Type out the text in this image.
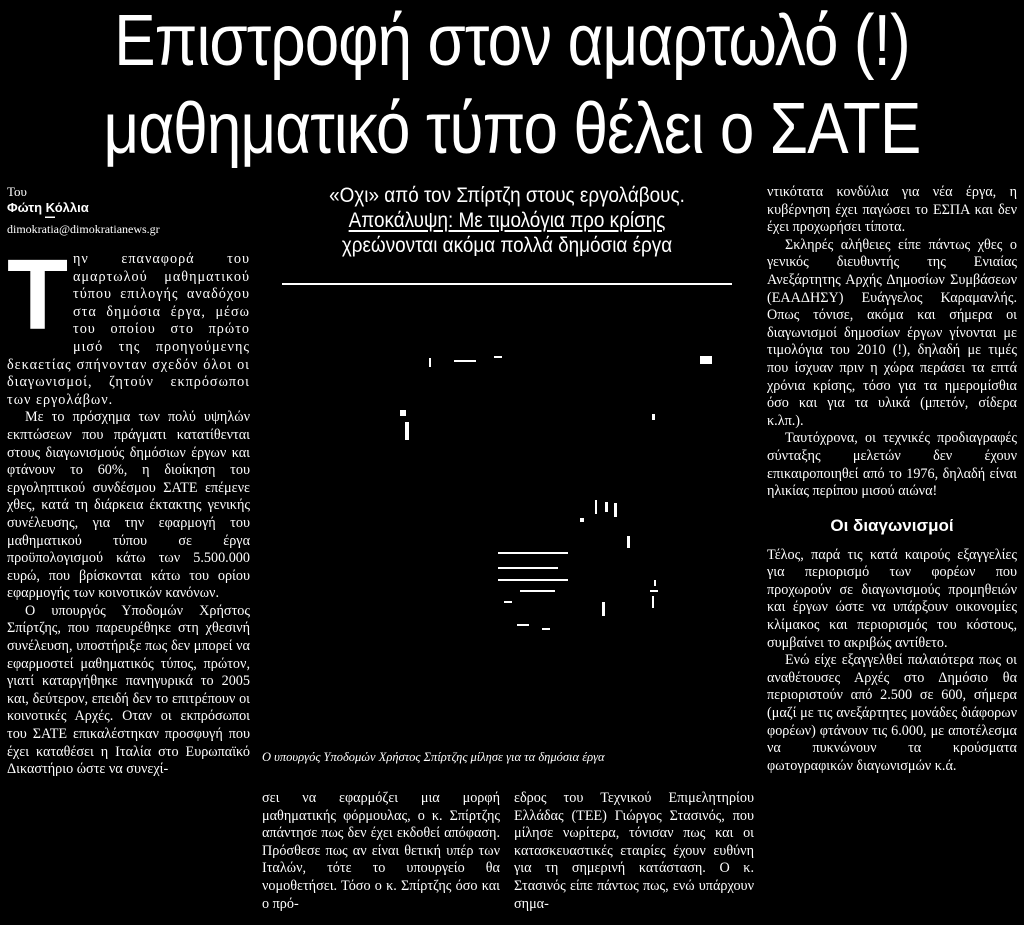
Επιστροφή στον αμαρτωλό (!)
μαθηματικό τύπο θέλει ο ΣΑΤΕ
Του
Φώτη Κόλλια
▬▬
dimokratia@dimokratianews.gr
Τ ην επαναφορά του αμαρτωλού μαθηματικού τύπου επιλογής αναδόχου στα δημόσια έργα, μέσω του οποίου στο πρώτο μισό της προηγούμενης δεκαετίας σπήνονταν σχεδόν όλοι οι διαγωνισμοί, ζητούν εκπρόσωποι των εργολάβων.

Με το πρόσχημα των πολύ υψηλών εκπτώσεων που πράγματι κατατίθενται στους διαγωνισμούς δημόσιων έργων και φτάνουν το 60%, η διοίκηση του εργοληπτικού συνδέσμου ΣΑΤΕ επέμενε χθες, κατά τη διάρκεια έκτακτης γενικής συνέλευσης, για την εφαρμογή του μαθηματικού τύπου σε έργα προϋπολογισμού κάτω των 5.500.000 ευρώ, που βρίσκονται κάτω του ορίου εφαρμογής των κοινοτικών κανόνων.

Ο υπουργός Υποδομών Χρήστος Σπίρτζης, που παρευρέθηκε στη χθεσινή συνέλευση, υποστήριξε πως δεν μπορεί να εφαρμοστεί μαθηματικός τύπος, πρώτον, γιατί καταργήθηκε πανηγυρικά το 2005 και, δεύτερον, επειδή δεν το επιτρέπουν οι κοινοτικές Αρχές. Οταν οι εκπρόσωποι του ΣΑΤΕ επικαλέστηκαν προσφυγή που έχει καταθέσει η Ιταλία στο Ευρωπαϊκό Δικαστήριο ώστε να συνεχί-

«Οχι» από τον Σπίρτζη στους εργολάβους.
Αποκάλυψη: Με τιμολόγια προ κρίσης
χρεώνονται ακόμα πολλά δημόσια έργα
Ο υπουργός Υποδομών Χρήστος Σπίρτζης μίλησε για τα δημόσια έργα

σει να εφαρμόζει μια μορφή μαθηματικής φόρμουλας, ο κ. Σπίρτζης απάντησε πως δεν έχει εκδοθεί απόφαση. Πρόσθεσε πως αν είναι θετική υπέρ των Ιταλών, τότε το υπουργείο θα νομοθετήσει. Τόσο ο κ. Σπίρτζης όσο και ο πρό-

εδρος του Τεχνικού Επιμελητηρίου Ελλάδας (ΤΕΕ) Γιώργος Στασινός, που μίλησε νωρίτερα, τόνισαν πως και οι κατασκευαστικές εταιρίες έχουν ευθύνη για τη σημερινή κατάσταση. Ο κ. Στασινός είπε πάντως πως, ενώ υπάρχουν σημα-

ντικότατα κονδύλια για νέα έργα, η κυβέρνηση έχει παγώσει το ΕΣΠΑ και δεν έχει προχωρήσει τίποτα.

Σκληρές αλήθειες είπε πάντως χθες ο γενικός διευθυντής της Ενιαίας Ανεξάρτητης Αρχής Δημοσίων Συμβάσεων (ΕΑΑΔΗΣΥ) Ευάγγελος Καραμανλής. Οπως τόνισε, ακόμα και σήμερα οι διαγωνισμοί δημοσίων έργων γίνονται με τιμολόγια του 2010 (!), δηλαδή με τιμές που ίσχυαν πριν η χώρα περάσει τα επτά χρόνια κρίσης, τόσο για τα ημερομίσθια όσο και για τα υλικά (μπετόν, σίδερα κ.λπ.).

Ταυτόχρονα, οι τεχνικές προδιαγραφές σύνταξης μελετών δεν έχουν επικαιροποιηθεί από το 1976, δηλαδή είναι ηλικίας περίπου μισού αιώνα!

Οι διαγωνισμοί

Τέλος, παρά τις κατά καιρούς εξαγγελίες για περιορισμό των φορέων που προχωρούν σε διαγωνισμούς προμηθειών και έργων ώστε να υπάρξουν οικονομίες κλίμακος και περιορισμός του κόστους, συμβαίνει το ακριβώς αντίθετο.

Ενώ είχε εξαγγελθεί παλαιότερα πως οι αναθέτουσες Αρχές στο Δημόσιο θα περιοριστούν από 2.500 σε 600, σήμερα (μαζί με τις ανεξάρτητες μονάδες διάφορων φορέων) φτάνουν τις 6.000, με αποτέλεσμα να πυκνώνουν τα κρούσματα φωτογραφικών διαγωνισμών κ.ά.
